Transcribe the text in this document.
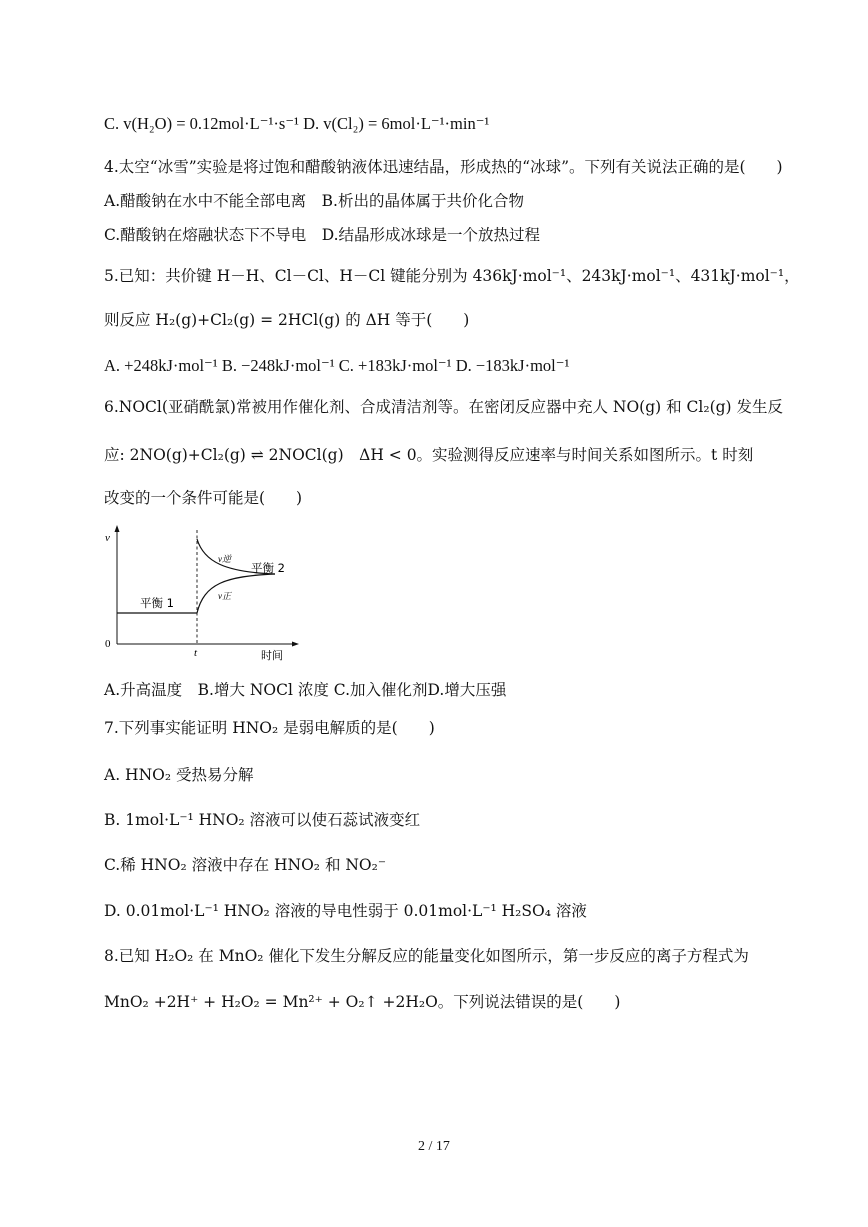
C. v(H₂O) = 0.12mol·L⁻¹·s⁻¹ D. v(Cl₂) = 6mol·L⁻¹·min⁻¹
4.太空“冰雪”实验是将过饱和醋酸钠液体迅速结晶，形成热的“冰球”。下列有关说法正确的是(　　)
A.醋酸钠在水中不能全部电离　B.析出的晶体属于共价化合物
C.醋酸钠在熔融状态下不导电　D.结晶形成冰球是一个放热过程
5.已知：共价键 H－H、Cl－Cl、H－Cl 键能分别为 436kJ·mol⁻¹、243kJ·mol⁻¹、431kJ·mol⁻¹，
则反应 H₂(g)+Cl₂(g) = 2HCl(g) 的 ΔH 等于(　　)
A. +248kJ·mol⁻¹ B. −248kJ·mol⁻¹ C. +183kJ·mol⁻¹ D. −183kJ·mol⁻¹
6.NOCl(亚硝酰氯)常被用作催化剂、合成清洁剂等。在密闭反应器中充人 NO(g) 和 Cl₂(g) 发生反
应: 2NO(g)+Cl₂(g) ⇌ 2NOCl(g)　ΔH < 0。实验测得反应速率与时间关系如图所示。t 时刻
改变的一个条件可能是(　　)
v
0
t	时间
平衡 1
平衡 2
v逆
v正
A.升高温度　B.增大 NOCl 浓度 C.加入催化剂D.增大压强
7.下列事实能证明 HNO₂ 是弱电解质的是(　　)
A. HNO₂ 受热易分解
B. 1mol·L⁻¹ HNO₂ 溶液可以使石蕊试液变红
C.稀 HNO₂ 溶液中存在 HNO₂ 和 NO₂⁻
D. 0.01mol·L⁻¹ HNO₂ 溶液的导电性弱于 0.01mol·L⁻¹ H₂SO₄ 溶液
8.已知 H₂O₂ 在 MnO₂ 催化下发生分解反应的能量变化如图所示，第一步反应的离子方程式为
MnO₂ +2H⁺ + H₂O₂ = Mn²⁺ + O₂↑ +2H₂O。下列说法错误的是(　　)
2 / 17
